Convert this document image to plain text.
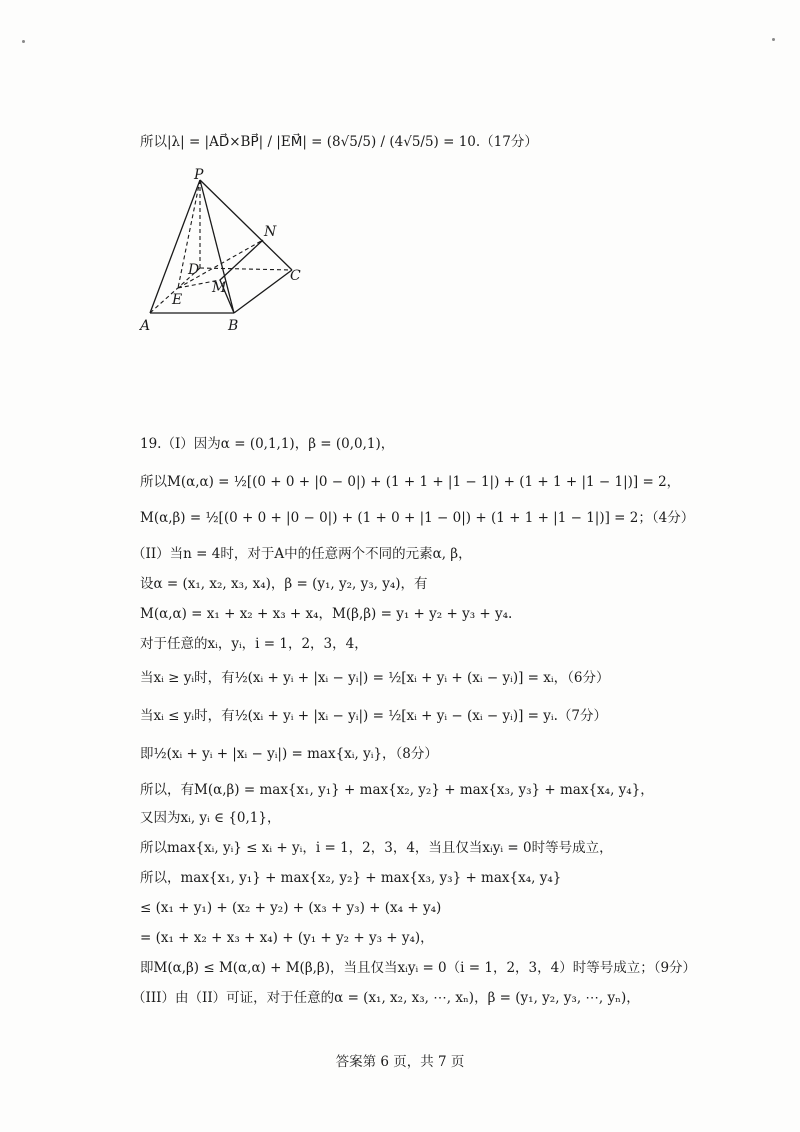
所以|λ| = |AD⃗×BP⃗| / |EM⃗| = (8√5/5) / (4√5/5) = 10.（17分）
P
N
D	C
M
E
A	B
19.（I）因为α = (0,1,1)，β = (0,0,1)，
所以M(α,α) = ½[(0 + 0 + |0 − 0|) + (1 + 1 + |1 − 1|) + (1 + 1 + |1 − 1|)] = 2，
M(α,β) = ½[(0 + 0 + |0 − 0|) + (1 + 0 + |1 − 0|) + (1 + 1 + |1 − 1|)] = 2；（4分）
（II）当n = 4时，对于A中的任意两个不同的元素α, β，
设α = (x₁, x₂, x₃, x₄)，β = (y₁, y₂, y₃, y₄)，有
M(α,α) = x₁ + x₂ + x₃ + x₄，M(β,β) = y₁ + y₂ + y₃ + y₄.
对于任意的xᵢ，yᵢ，i = 1，2，3，4，
当xᵢ ≥ yᵢ时，有½(xᵢ + yᵢ + |xᵢ − yᵢ|) = ½[xᵢ + yᵢ + (xᵢ − yᵢ)] = xᵢ，（6分）
当xᵢ ≤ yᵢ时，有½(xᵢ + yᵢ + |xᵢ − yᵢ|) = ½[xᵢ + yᵢ − (xᵢ − yᵢ)] = yᵢ.（7分）
即½(xᵢ + yᵢ + |xᵢ − yᵢ|) = max{xᵢ, yᵢ}，（8分）
所以，有M(α,β) = max{x₁, y₁} + max{x₂, y₂} + max{x₃, y₃} + max{x₄, y₄}，
又因为xᵢ, yᵢ ∈ {0,1}，
所以max{xᵢ, yᵢ} ≤ xᵢ + yᵢ，i = 1，2，3，4，当且仅当xᵢyᵢ = 0时等号成立，
所以，max{x₁, y₁} + max{x₂, y₂} + max{x₃, y₃} + max{x₄, y₄}
≤ (x₁ + y₁) + (x₂ + y₂) + (x₃ + y₃) + (x₄ + y₄)
= (x₁ + x₂ + x₃ + x₄) + (y₁ + y₂ + y₃ + y₄)，
即M(α,β) ≤ M(α,α) + M(β,β)，当且仅当xᵢyᵢ = 0（i = 1，2，3，4）时等号成立；（9分）
（III）由（II）可证，对于任意的α = (x₁, x₂, x₃, ⋯, xₙ)，β = (y₁, y₂, y₃, ⋯, yₙ)，
答案第 6 页，共 7 页
